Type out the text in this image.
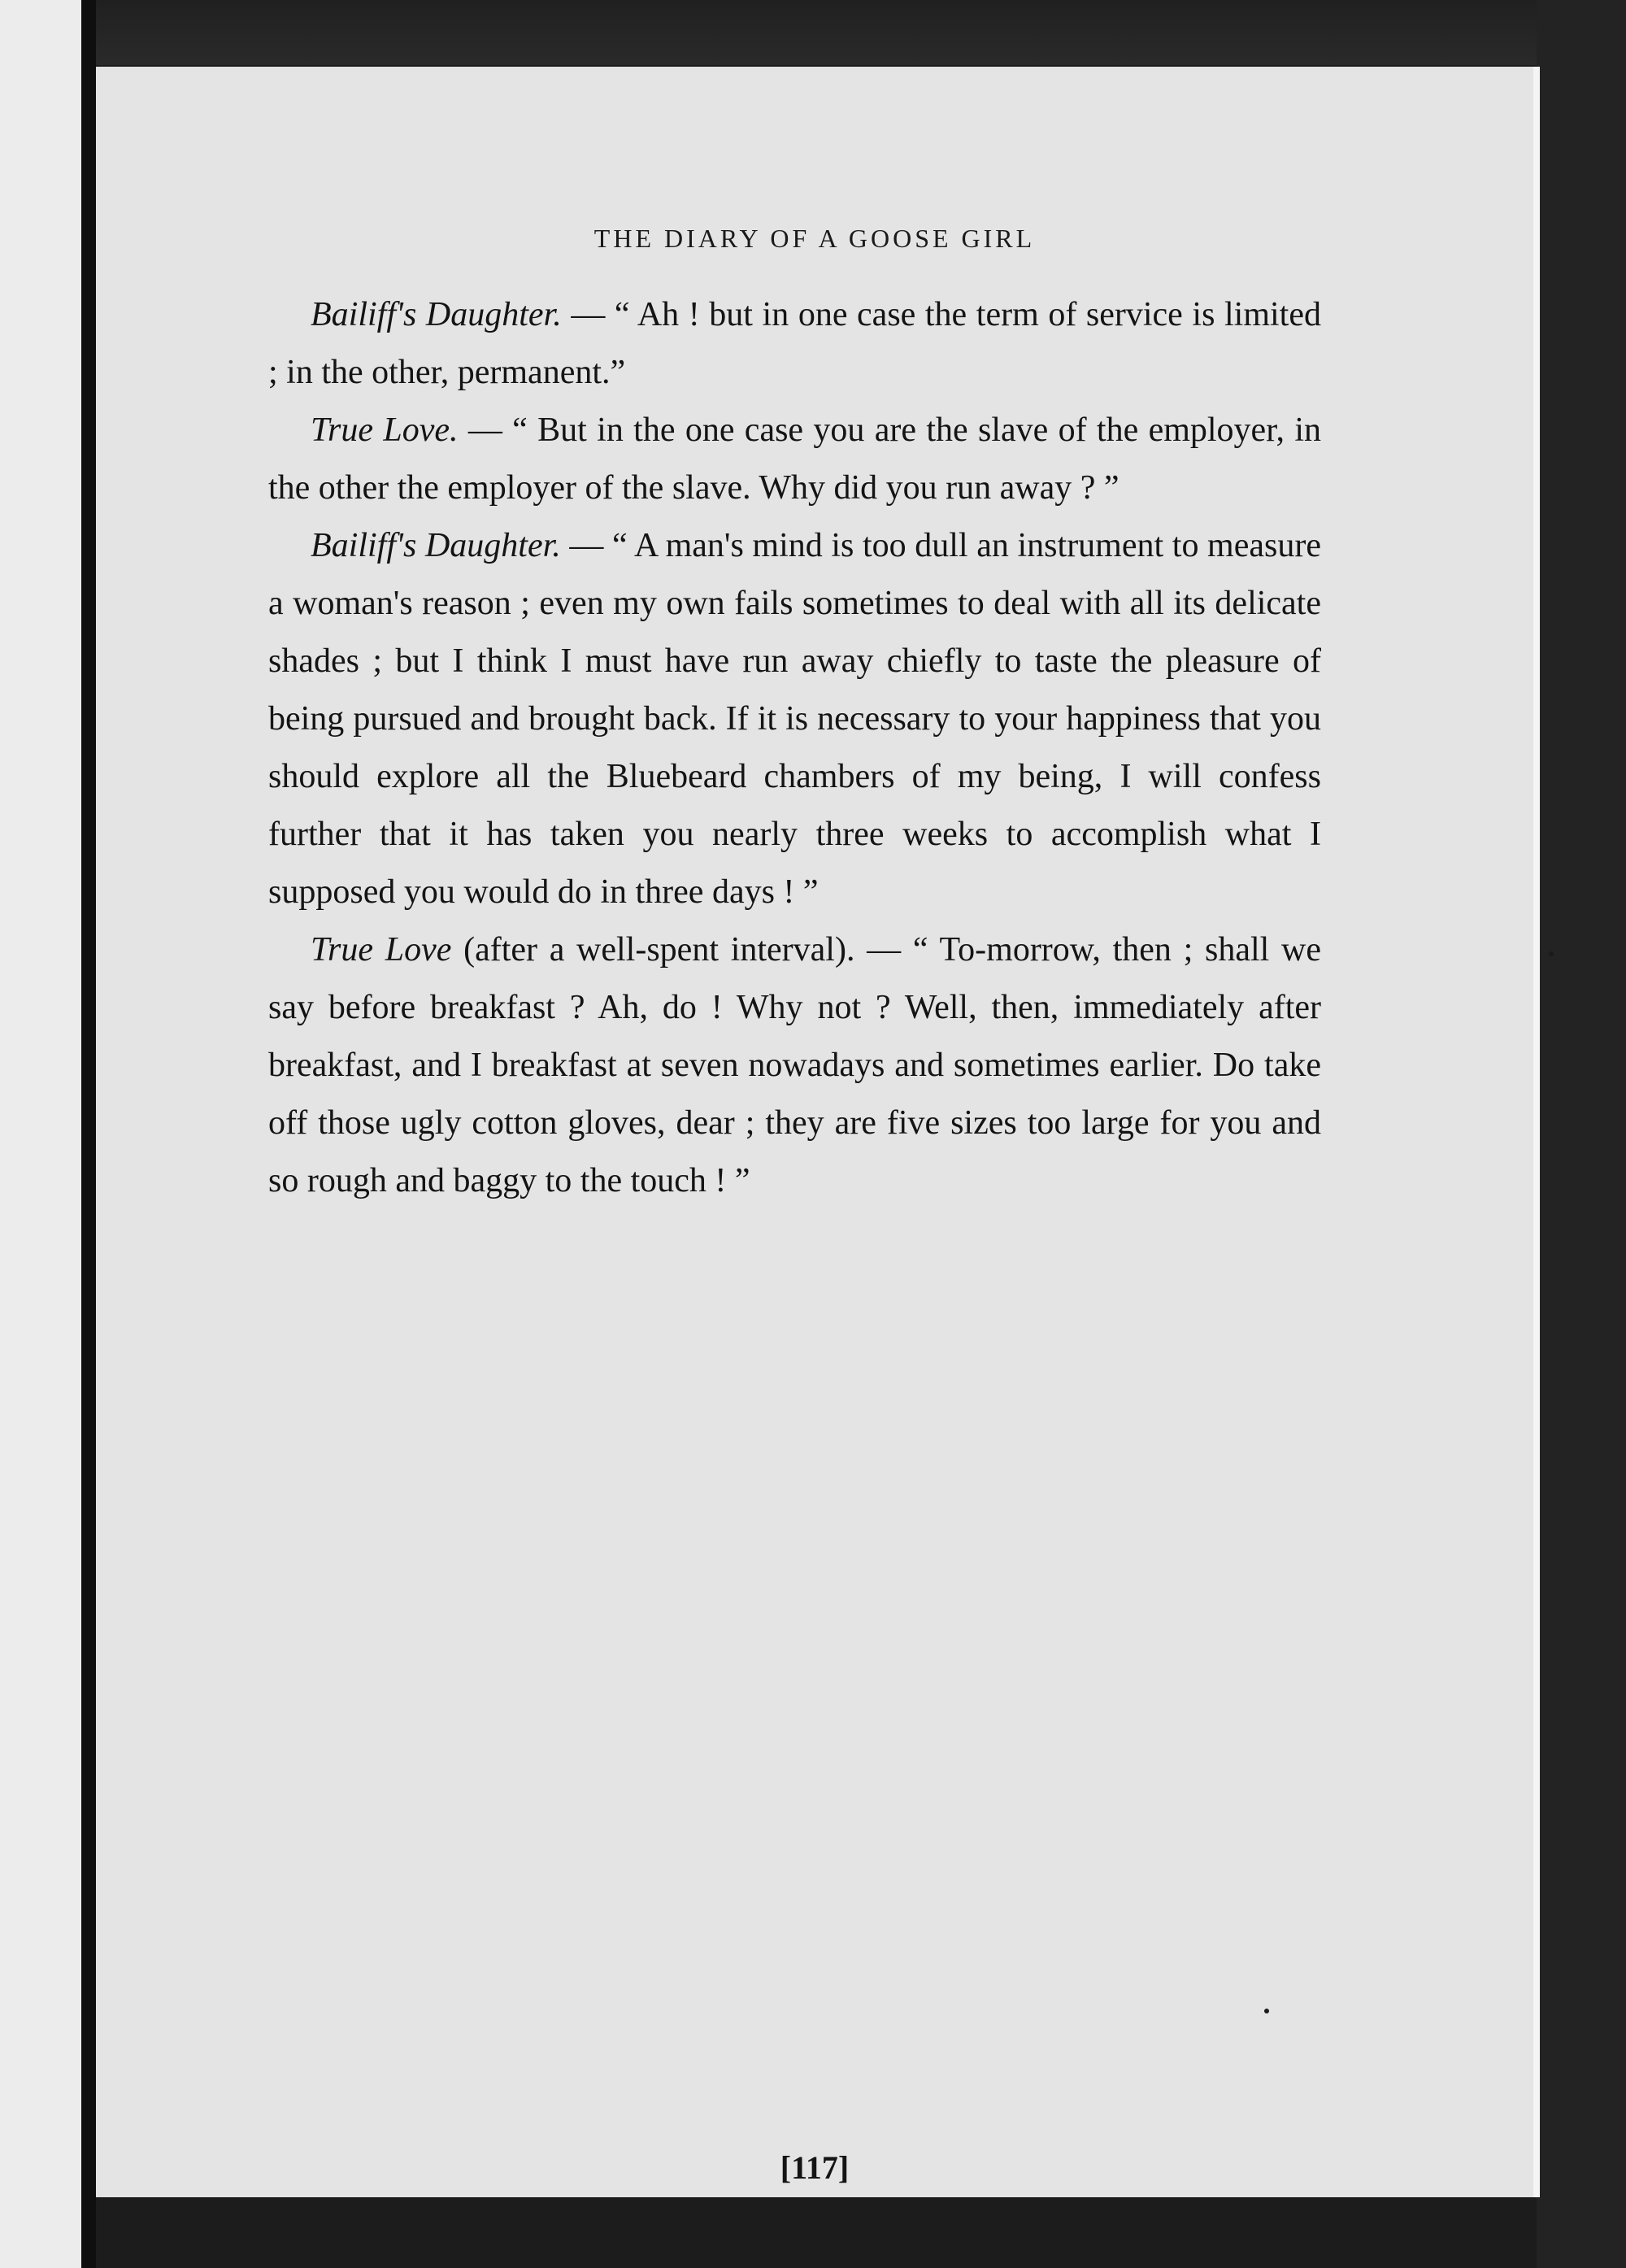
THE DIARY OF A GOOSE GIRL

Bailiff's Daughter. — “ Ah ! but in one case the term of service is limited ; in the other, permanent.”

True Love. — “ But in the one case you are the slave of the employer, in the other the employer of the slave. Why did you run away ? ”

Bailiff's Daughter. — “ A man's mind is too dull an instrument to measure a woman's reason ; even my own fails sometimes to deal with all its delicate shades ; but I think I must have run away chiefly to taste the pleasure of being pursued and brought back. If it is necessary to your happiness that you should explore all the Bluebeard chambers of my being, I will confess further that it has taken you nearly three weeks to accomplish what I supposed you would do in three days ! ”

True Love (after a well-spent interval). — “ To-morrow, then ; shall we say before breakfast ? Ah, do ! Why not ? Well, then, immediately after breakfast, and I breakfast at seven nowadays and sometimes earlier. Do take off those ugly cotton gloves, dear ; they are five sizes too large for you and so rough and baggy to the touch ! ”

[117]
